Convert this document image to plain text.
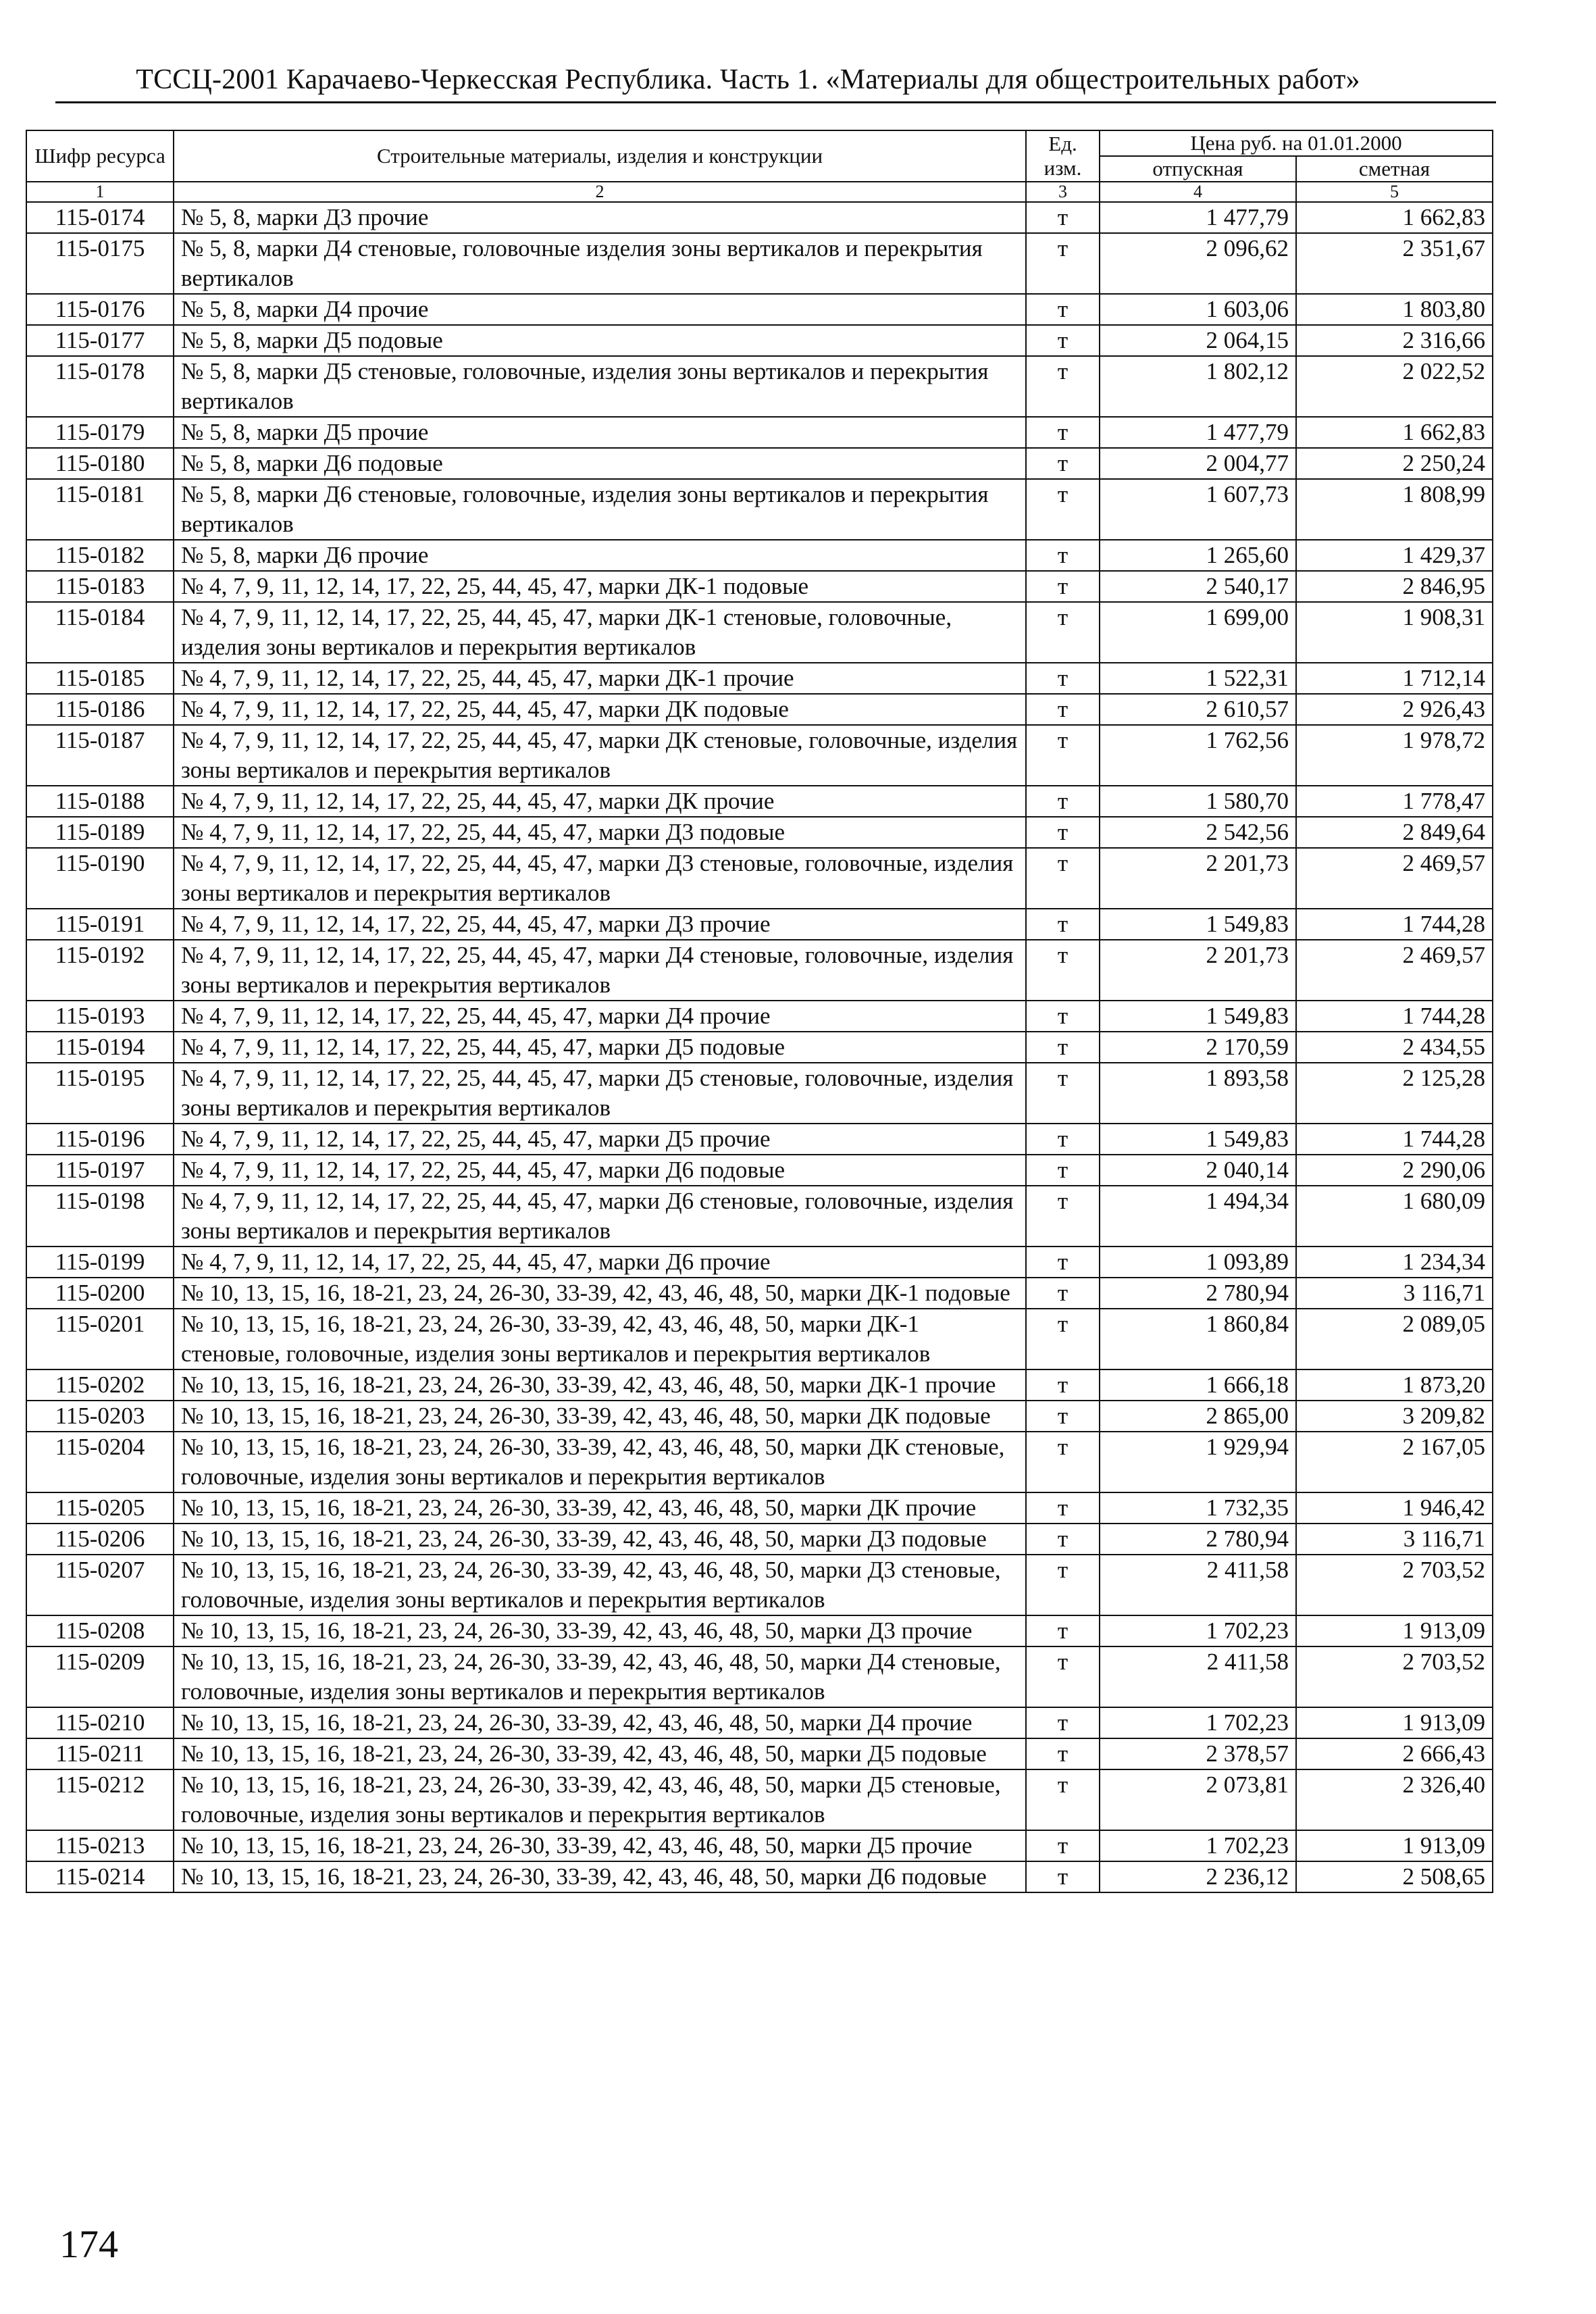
ТССЦ-2001 Карачаево-Черкесская Республика. Часть 1. «Материалы для общестроительных работ»
Шифр ресурса	Строительные материалы, изделия и конструкции	Ед. изм.	Цена руб. на 01.01.2000	
			отпускная	сметная
1	2	3	4	5
115-0174	№ 5, 8, марки Д3 прочие	т	1 477,79	1 662,83
115-0175	№ 5, 8, марки Д4 стеновые, головочные изделия зоны вертикалов и перекрытия вертикалов	т	2 096,62	2 351,67
115-0176	№ 5, 8, марки Д4 прочие	т	1 603,06	1 803,80
115-0177	№ 5, 8, марки Д5 подовые	т	2 064,15	2 316,66
115-0178	№ 5, 8, марки Д5 стеновые, головочные, изделия зоны вертикалов и перекрытия вертикалов	т	1 802,12	2 022,52
115-0179	№ 5, 8, марки Д5 прочие	т	1 477,79	1 662,83
115-0180	№ 5, 8, марки Д6 подовые	т	2 004,77	2 250,24
115-0181	№ 5, 8, марки Д6 стеновые, головочные, изделия зоны вертикалов и перекрытия вертикалов	т	1 607,73	1 808,99
115-0182	№ 5, 8, марки Д6 прочие	т	1 265,60	1 429,37
115-0183	№ 4, 7, 9, 11, 12, 14, 17, 22, 25, 44, 45, 47, марки ДК-1 подовые	т	2 540,17	2 846,95
115-0184	№ 4, 7, 9, 11, 12, 14, 17, 22, 25, 44, 45, 47, марки ДК-1 стеновые, головочные, изделия зоны вертикалов и перекрытия вертикалов	т	1 699,00	1 908,31
115-0185	№ 4, 7, 9, 11, 12, 14, 17, 22, 25, 44, 45, 47, марки ДК-1 прочие	т	1 522,31	1 712,14
115-0186	№ 4, 7, 9, 11, 12, 14, 17, 22, 25, 44, 45, 47, марки ДК подовые	т	2 610,57	2 926,43
115-0187	№ 4, 7, 9, 11, 12, 14, 17, 22, 25, 44, 45, 47, марки ДК стеновые, головочные, изделия зоны вертикалов и перекрытия вертикалов	т	1 762,56	1 978,72
115-0188	№ 4, 7, 9, 11, 12, 14, 17, 22, 25, 44, 45, 47, марки ДК прочие	т	1 580,70	1 778,47
115-0189	№ 4, 7, 9, 11, 12, 14, 17, 22, 25, 44, 45, 47, марки Д3 подовые	т	2 542,56	2 849,64
115-0190	№ 4, 7, 9, 11, 12, 14, 17, 22, 25, 44, 45, 47, марки Д3 стеновые, головочные, изделия зоны вертикалов и перекрытия вертикалов	т	2 201,73	2 469,57
115-0191	№ 4, 7, 9, 11, 12, 14, 17, 22, 25, 44, 45, 47, марки Д3 прочие	т	1 549,83	1 744,28
115-0192	№ 4, 7, 9, 11, 12, 14, 17, 22, 25, 44, 45, 47, марки Д4 стеновые, головочные, изделия зоны вертикалов и перекрытия вертикалов	т	2 201,73	2 469,57
115-0193	№ 4, 7, 9, 11, 12, 14, 17, 22, 25, 44, 45, 47, марки Д4 прочие	т	1 549,83	1 744,28
115-0194	№ 4, 7, 9, 11, 12, 14, 17, 22, 25, 44, 45, 47, марки Д5 подовые	т	2 170,59	2 434,55
115-0195	№ 4, 7, 9, 11, 12, 14, 17, 22, 25, 44, 45, 47, марки Д5 стеновые, головочные, изделия зоны вертикалов и перекрытия вертикалов	т	1 893,58	2 125,28
115-0196	№ 4, 7, 9, 11, 12, 14, 17, 22, 25, 44, 45, 47, марки Д5 прочие	т	1 549,83	1 744,28
115-0197	№ 4, 7, 9, 11, 12, 14, 17, 22, 25, 44, 45, 47, марки Д6 подовые	т	2 040,14	2 290,06
115-0198	№ 4, 7, 9, 11, 12, 14, 17, 22, 25, 44, 45, 47, марки Д6 стеновые, головочные, изделия зоны вертикалов и перекрытия вертикалов	т	1 494,34	1 680,09
115-0199	№ 4, 7, 9, 11, 12, 14, 17, 22, 25, 44, 45, 47, марки Д6 прочие	т	1 093,89	1 234,34
115-0200	№ 10, 13, 15, 16, 18-21, 23, 24, 26-30, 33-39, 42, 43, 46, 48, 50, марки ДК-1 подовые	т	2 780,94	3 116,71
115-0201	№ 10, 13, 15, 16, 18-21, 23, 24, 26-30, 33-39, 42, 43, 46, 48, 50, марки ДК-1 стеновые, головочные, изделия зоны вертикалов и перекрытия вертикалов	т	1 860,84	2 089,05
115-0202	№ 10, 13, 15, 16, 18-21, 23, 24, 26-30, 33-39, 42, 43, 46, 48, 50, марки ДК-1 прочие	т	1 666,18	1 873,20
115-0203	№ 10, 13, 15, 16, 18-21, 23, 24, 26-30, 33-39, 42, 43, 46, 48, 50, марки ДК подовые	т	2 865,00	3 209,82
115-0204	№ 10, 13, 15, 16, 18-21, 23, 24, 26-30, 33-39, 42, 43, 46, 48, 50, марки ДК стеновые, головочные, изделия зоны вертикалов и перекрытия вертикалов	т	1 929,94	2 167,05
115-0205	№ 10, 13, 15, 16, 18-21, 23, 24, 26-30, 33-39, 42, 43, 46, 48, 50, марки ДК прочие	т	1 732,35	1 946,42
115-0206	№ 10, 13, 15, 16, 18-21, 23, 24, 26-30, 33-39, 42, 43, 46, 48, 50, марки Д3 подовые	т	2 780,94	3 116,71
115-0207	№ 10, 13, 15, 16, 18-21, 23, 24, 26-30, 33-39, 42, 43, 46, 48, 50, марки Д3 стеновые, головочные, изделия зоны вертикалов и перекрытия вертикалов	т	2 411,58	2 703,52
115-0208	№ 10, 13, 15, 16, 18-21, 23, 24, 26-30, 33-39, 42, 43, 46, 48, 50, марки Д3 прочие	т	1 702,23	1 913,09
115-0209	№ 10, 13, 15, 16, 18-21, 23, 24, 26-30, 33-39, 42, 43, 46, 48, 50, марки Д4 стеновые, головочные, изделия зоны вертикалов и перекрытия вертикалов	т	2 411,58	2 703,52
115-0210	№ 10, 13, 15, 16, 18-21, 23, 24, 26-30, 33-39, 42, 43, 46, 48, 50, марки Д4 прочие	т	1 702,23	1 913,09
115-0211	№ 10, 13, 15, 16, 18-21, 23, 24, 26-30, 33-39, 42, 43, 46, 48, 50, марки Д5 подовые	т	2 378,57	2 666,43
115-0212	№ 10, 13, 15, 16, 18-21, 23, 24, 26-30, 33-39, 42, 43, 46, 48, 50, марки Д5 стеновые, головочные, изделия зоны вертикалов и перекрытия вертикалов	т	2 073,81	2 326,40
115-0213	№ 10, 13, 15, 16, 18-21, 23, 24, 26-30, 33-39, 42, 43, 46, 48, 50, марки Д5 прочие	т	1 702,23	1 913,09
115-0214	№ 10, 13, 15, 16, 18-21, 23, 24, 26-30, 33-39, 42, 43, 46, 48, 50, марки Д6 подовые	т	2 236,12	2 508,65
174
